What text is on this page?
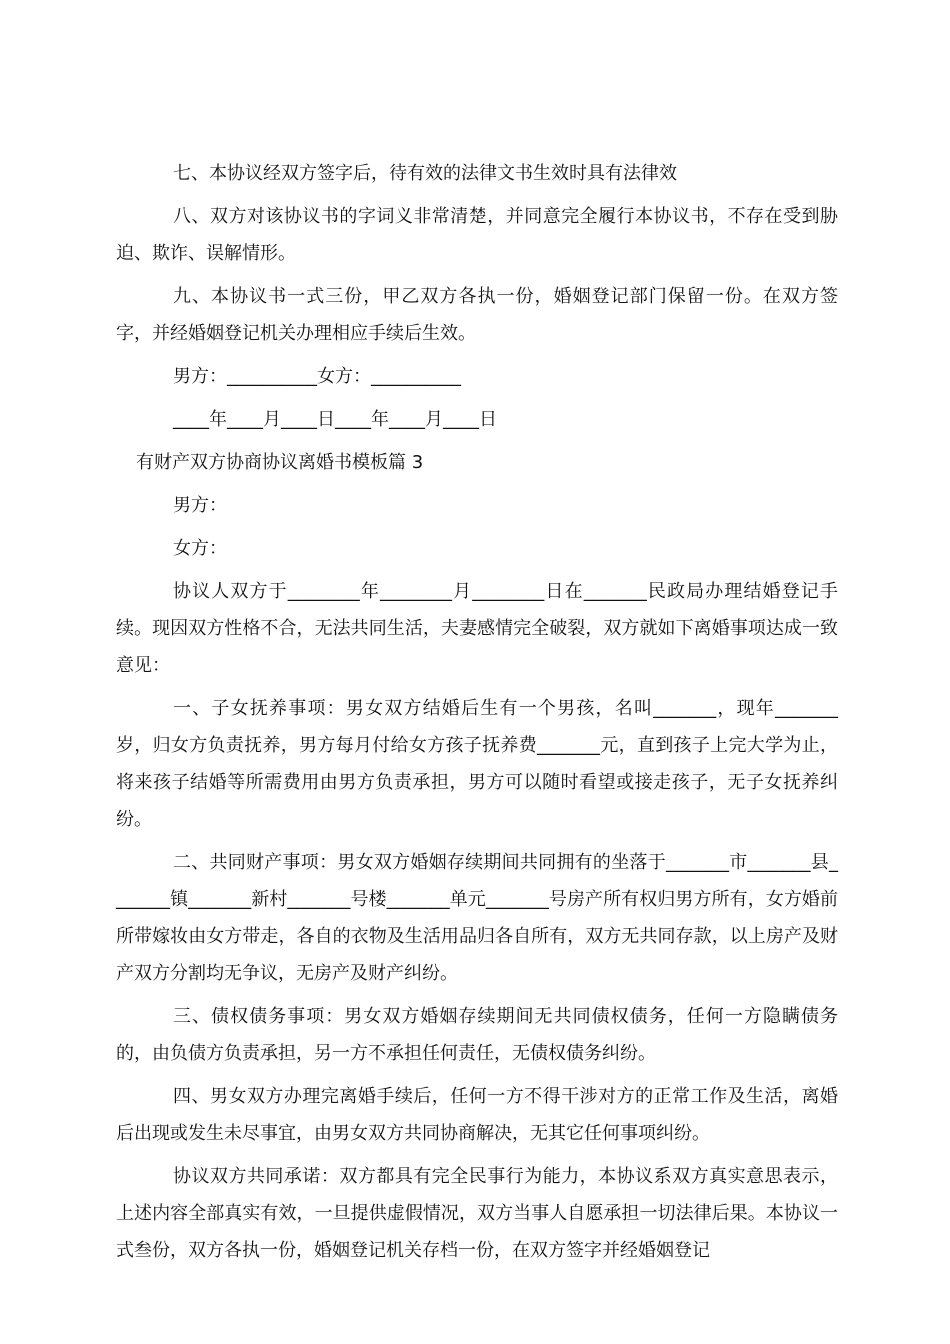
七、本协议经双方签字后，待有效的法律文书生效时具有法律效

八、双方对该协议书的字词义非常清楚，并同意完全履行本协议书，不存在受到胁迫、欺诈、误解情形。

九、本协议书一式三份，甲乙双方各执一份，婚姻登记部门保留一份。在双方签字，并经婚姻登记机关办理相应手续后生效。

男方：__________女方：__________
____年____月____日____年____月____日
有财产双方协商协议离婚书模板篇 3
男方：
女方：

协议人双方于________年________月________日在_______民政局办理结婚登记手续。现因双方性格不合，无法共同生活，夫妻感情完全破裂，双方就如下离婚事项达成一致意见：

一、子女抚养事项：男女双方结婚后生有一个男孩，名叫_______，现年_______岁，归女方负责抚养，男方每月付给女方孩子抚养费_______元，直到孩子上完大学为止，将来孩子结婚等所需费用由男方负责承担，男方可以随时看望或接走孩子，无子女抚养纠纷。

二、共同财产事项：男女双方婚姻存续期间共同拥有的坐落于_______市_______县_______镇_______新村_______号楼_______单元_______号房产所有权归男方所有，女方婚前所带嫁妆由女方带走，各自的衣物及生活用品归各自所有，双方无共同存款，以上房产及财产双方分割均无争议，无房产及财产纠纷。

三、债权债务事项：男女双方婚姻存续期间无共同债权债务，任何一方隐瞒债务的，由负债方负责承担，另一方不承担任何责任，无债权债务纠纷。

四、男女双方办理完离婚手续后，任何一方不得干涉对方的正常工作及生活，离婚后出现或发生未尽事宜，由男女双方共同协商解决，无其它任何事项纠纷。

协议双方共同承诺：双方都具有完全民事行为能力，本协议系双方真实意思表示，上述内容全部真实有效，一旦提供虚假情况，双方当事人自愿承担一切法律后果。本协议一式叁份，双方各执一份，婚姻登记机关存档一份，在双方签字并经婚姻登记
